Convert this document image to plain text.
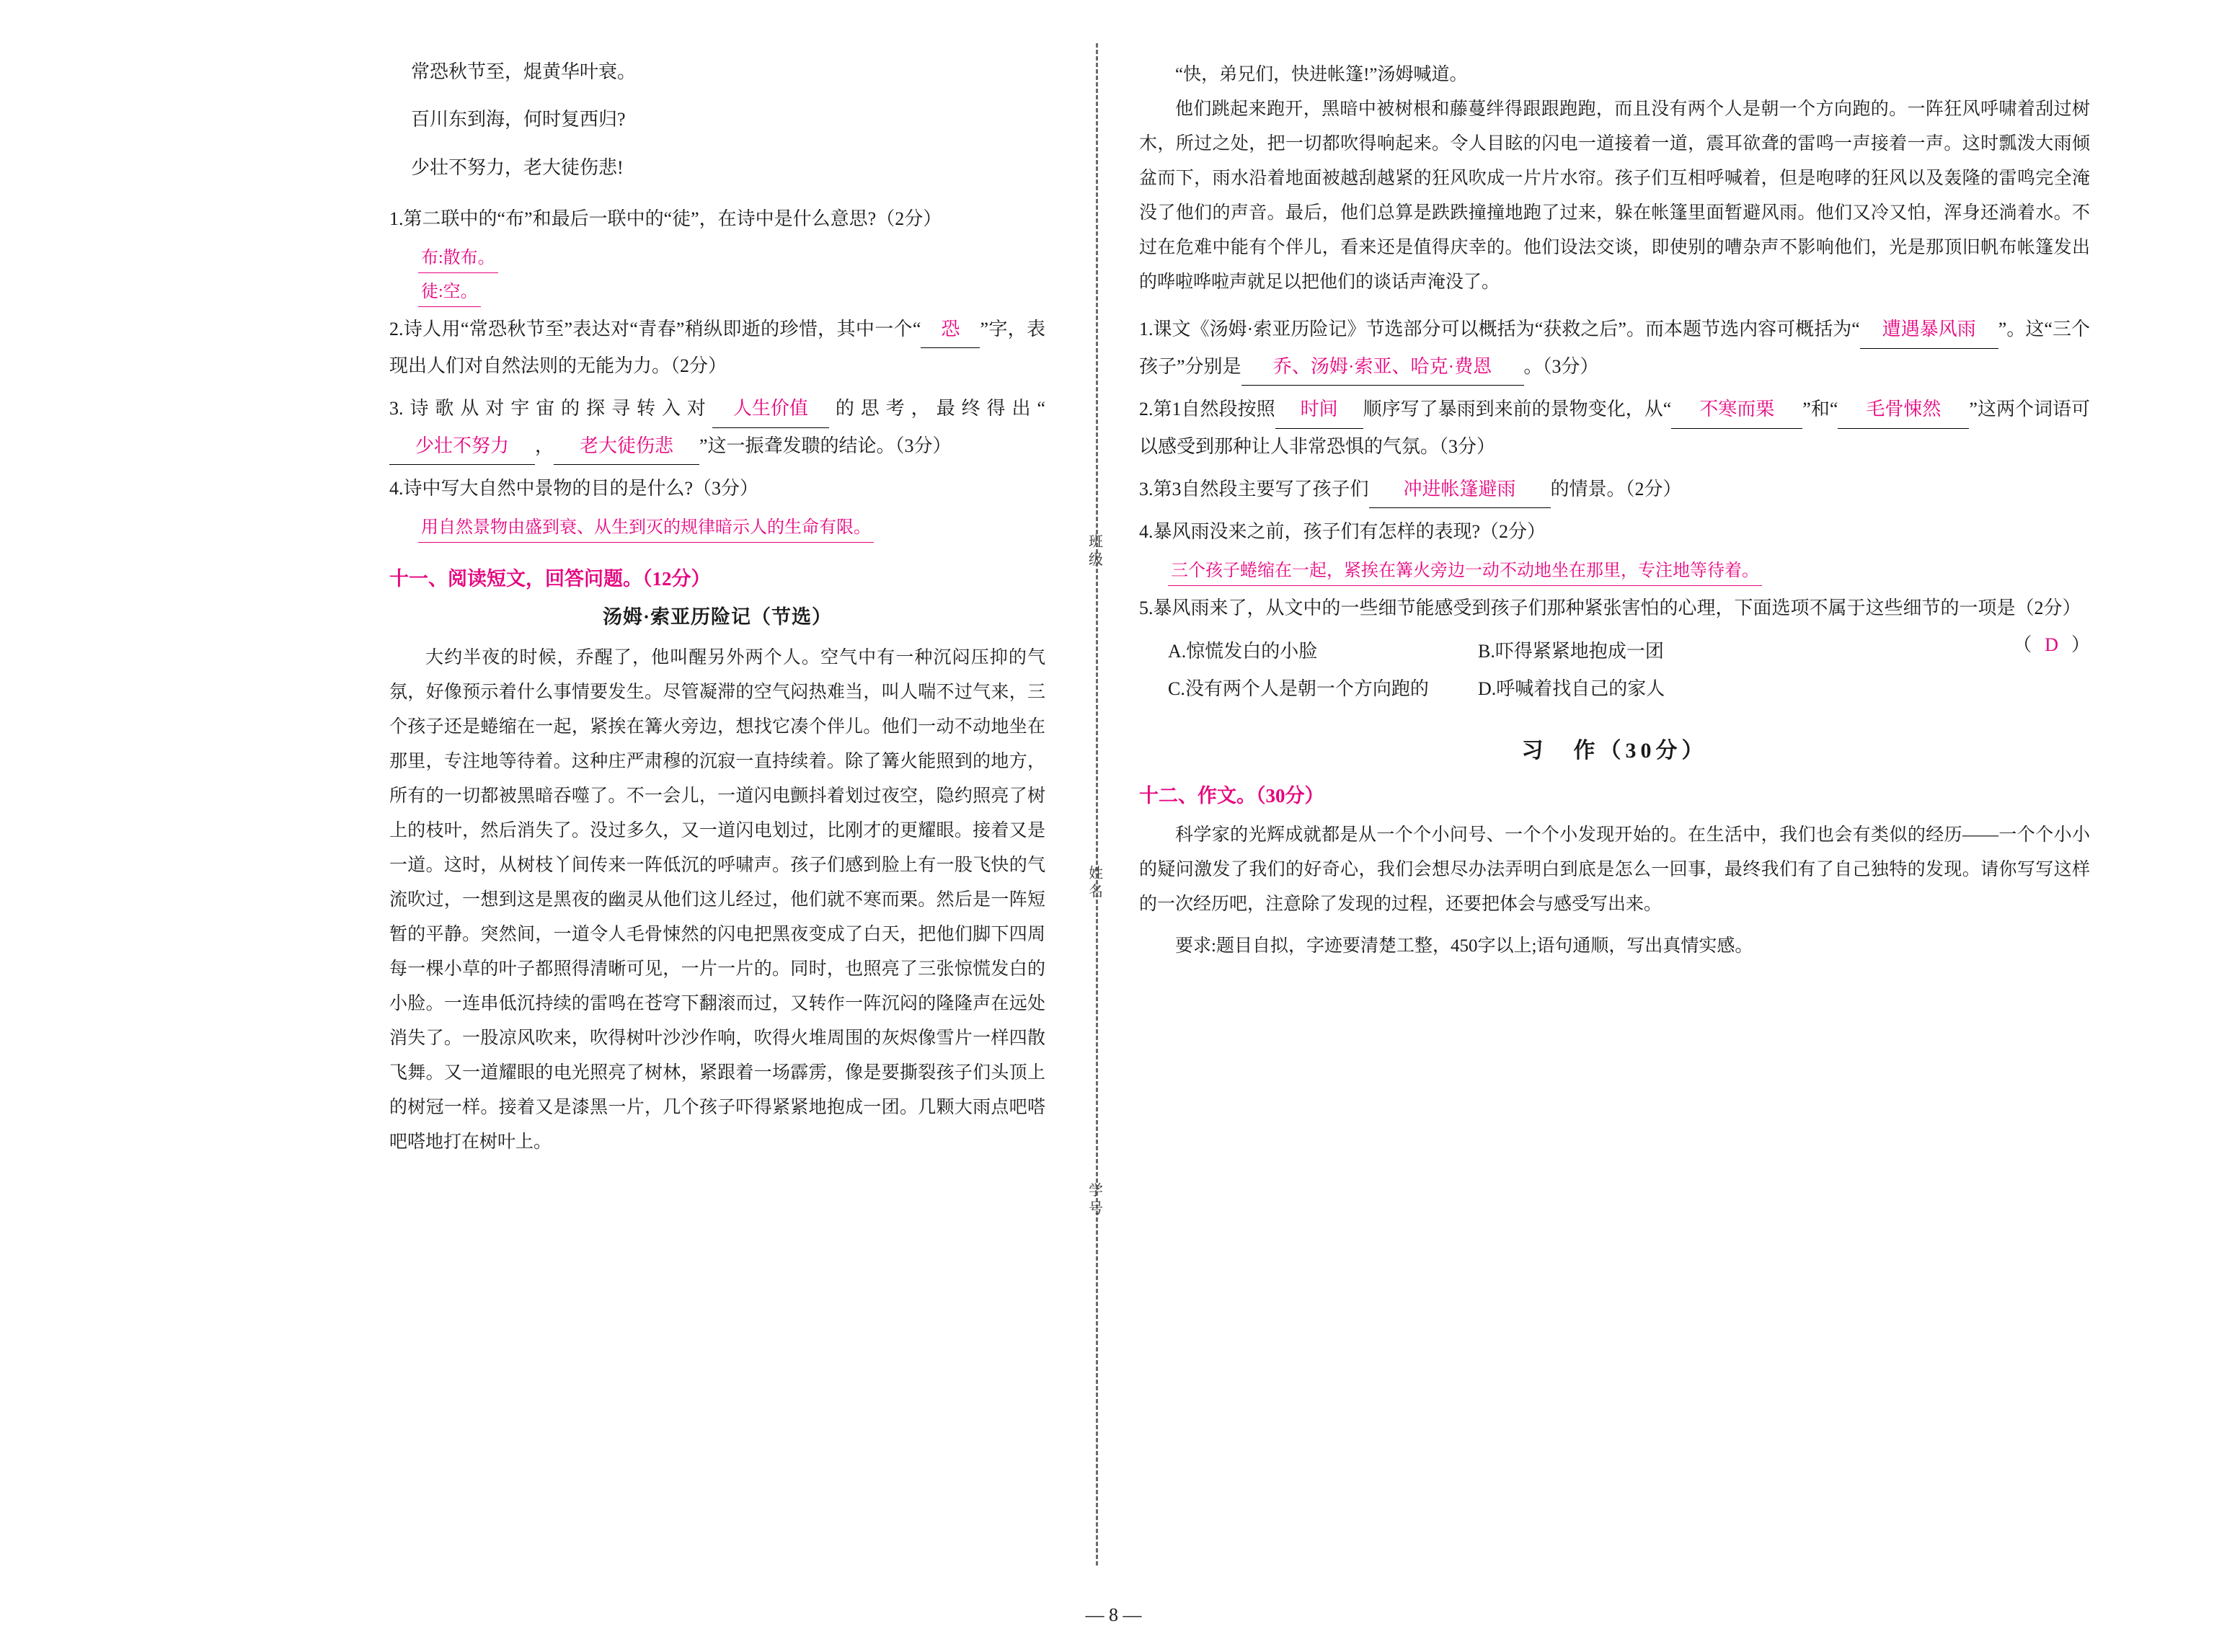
常恐秋节至，焜黄华叶衰。

百川东到海，何时复西归?

少壮不努力，老大徒伤悲!

1.第二联中的“布”和最后一联中的“徒”，在诗中是什么意思?（2分）

布:散布。
徒:空。

2.诗人用“常恐秋节至”表达对“青春”稍纵即逝的珍惜，其中一个“ 恐 ”字，表现出人们对自然法则的无能为力。（2分）

3.诗歌从对宇宙的探寻转入对 人生价值 的思考，最终得出“少壮不努力 ， 老大徒伤悲 ”这一振聋发聩的结论。（3分）

4.诗中写大自然中景物的目的是什么?（3分）

用自然景物由盛到衰、从生到灭的规律暗示人的生命有限。

十一、阅读短文，回答问题。（12分）

汤姆·索亚历险记（节选）

大约半夜的时候，乔醒了，他叫醒另外两个人。空气中有一种沉闷压抑的气氛，好像预示着什么事情要发生。尽管凝滞的空气闷热难当，叫人喘不过气来，三个孩子还是蜷缩在一起，紧挨在篝火旁边，想找它凑个伴儿。他们一动不动地坐在那里，专注地等待着。这种庄严肃穆的沉寂一直持续着。除了篝火能照到的地方，所有的一切都被黑暗吞噬了。不一会儿，一道闪电颤抖着划过夜空，隐约照亮了树上的枝叶，然后消失了。没过多久，又一道闪电划过，比刚才的更耀眼。接着又是一道。这时，从树枝丫间传来一阵低沉的呼啸声。孩子们感到脸上有一股飞快的气流吹过，一想到这是黑夜的幽灵从他们这儿经过，他们就不寒而栗。然后是一阵短暂的平静。突然间，一道令人毛骨悚然的闪电把黑夜变成了白天，把他们脚下四周每一棵小草的叶子都照得清晰可见，一片一片的。同时，也照亮了三张惊慌发白的小脸。一连串低沉持续的雷鸣在苍穹下翻滚而过，又转作一阵沉闷的隆隆声在远处消失了。一股凉风吹来，吹得树叶沙沙作响，吹得火堆周围的灰烬像雪片一样四散飞舞。又一道耀眼的电光照亮了树林，紧跟着一场霹雳，像是要撕裂孩子们头顶上的树冠一样。接着又是漆黑一片，几个孩子吓得紧紧地抱成一团。几颗大雨点吧嗒吧嗒地打在树叶上。

班
级
姓
名
学
号

“快，弟兄们，快进帐篷!”汤姆喊道。

他们跳起来跑开，黑暗中被树根和藤蔓绊得跟跟跑跑，而且没有两个人是朝一个方向跑的。一阵狂风呼啸着刮过树木，所过之处，把一切都吹得响起来。令人目眩的闪电一道接着一道，震耳欲聋的雷鸣一声接着一声。这时瓢泼大雨倾盆而下，雨水沿着地面被越刮越紧的狂风吹成一片片水帘。孩子们互相呼喊着，但是咆哮的狂风以及轰隆的雷鸣完全淹没了他们的声音。最后，他们总算是跌跌撞撞地跑了过来，躲在帐篷里面暂避风雨。他们又冷又怕，浑身还淌着水。不过在危难中能有个伴儿，看来还是值得庆幸的。他们设法交谈，即使别的嘈杂声不影响他们，光是那顶旧帆布帐篷发出的哗啦哗啦声就足以把他们的谈话声淹没了。

1.课文《汤姆·索亚历险记》节选部分可以概括为“获救之后”。而本题节选内容可概括为“ 遭遇暴风雨 ”。这“三个孩子”分别是 乔、汤姆·索亚、哈克·费恩 。（3分）

2.第1自然段按照 时间 顺序写了暴雨到来前的景物变化，从“ 不寒而栗 ”和“ 毛骨悚然 ”这两个词语可以感受到那种让人非常恐惧的气氛。（3分）

3.第3自然段主要写了孩子们 冲进帐篷避雨 的情景。（2分）

4.暴风雨没来之前，孩子们有怎样的表现?（2分）

三个孩子蜷缩在一起，紧挨在篝火旁边一动不动地坐在那里，专注地等待着。

5.暴风雨来了，从文中的一些细节能感受到孩子们那种紧张害怕的心理，下面选项不属于这些细节的一项是（2分）
（ D ）

A.惊慌发白的小脸	B.吓得紧紧地抱成一团
C.没有两个人是朝一个方向跑的	D.呼喊着找自己的家人

习　作（30分）

十二、作文。（30分）

科学家的光辉成就都是从一个个小问号、一个个小发现开始的。在生活中，我们也会有类似的经历——一个个小小的疑问激发了我们的好奇心，我们会想尽办法弄明白到底是怎么一回事，最终我们有了自己独特的发现。请你写写这样的一次经历吧，注意除了发现的过程，还要把体会与感受写出来。

要求:题目自拟，字迹要清楚工整，450字以上;语句通顺，写出真情实感。

— 8 —
